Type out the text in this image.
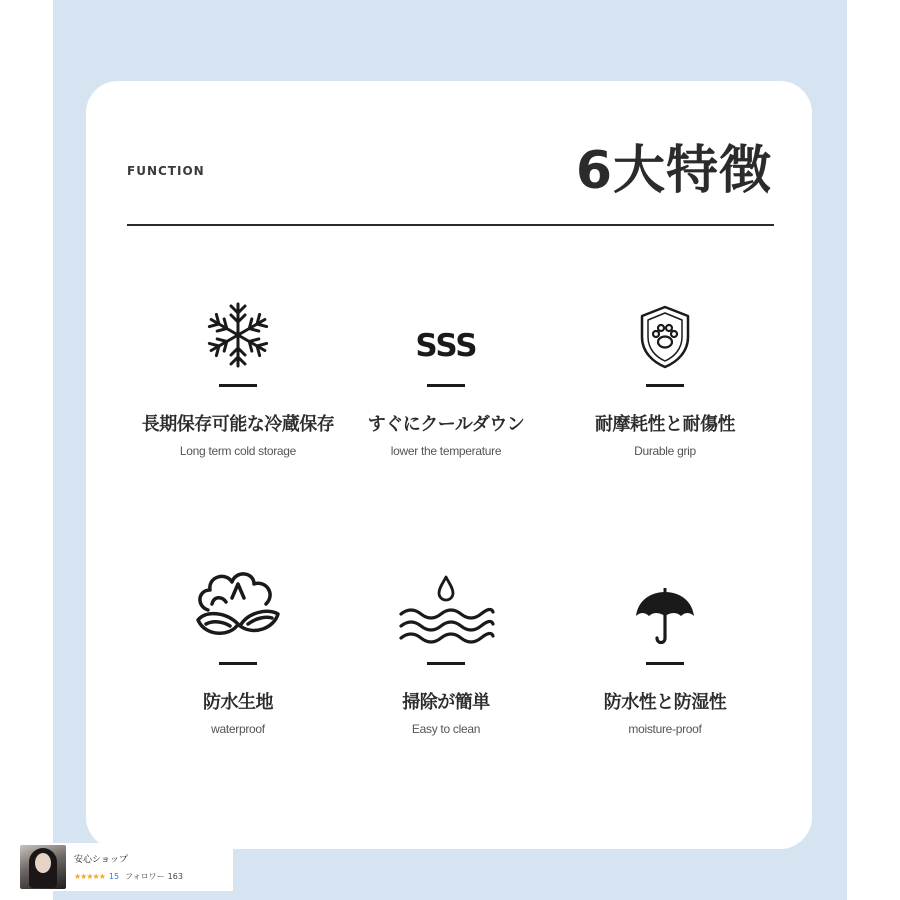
FUNCTION	6大特徴
長期保存可能な冷蔵保存
Long term cold storage
SSS
すぐにクールダウン
lower the temperature
耐摩耗性と耐傷性
Durable grip
防水生地
waterproof
掃除が簡単
Easy to clean
防水性と防湿性
moisture-proof
安心ショップ
★★★★★ 15 フォロワー 163
